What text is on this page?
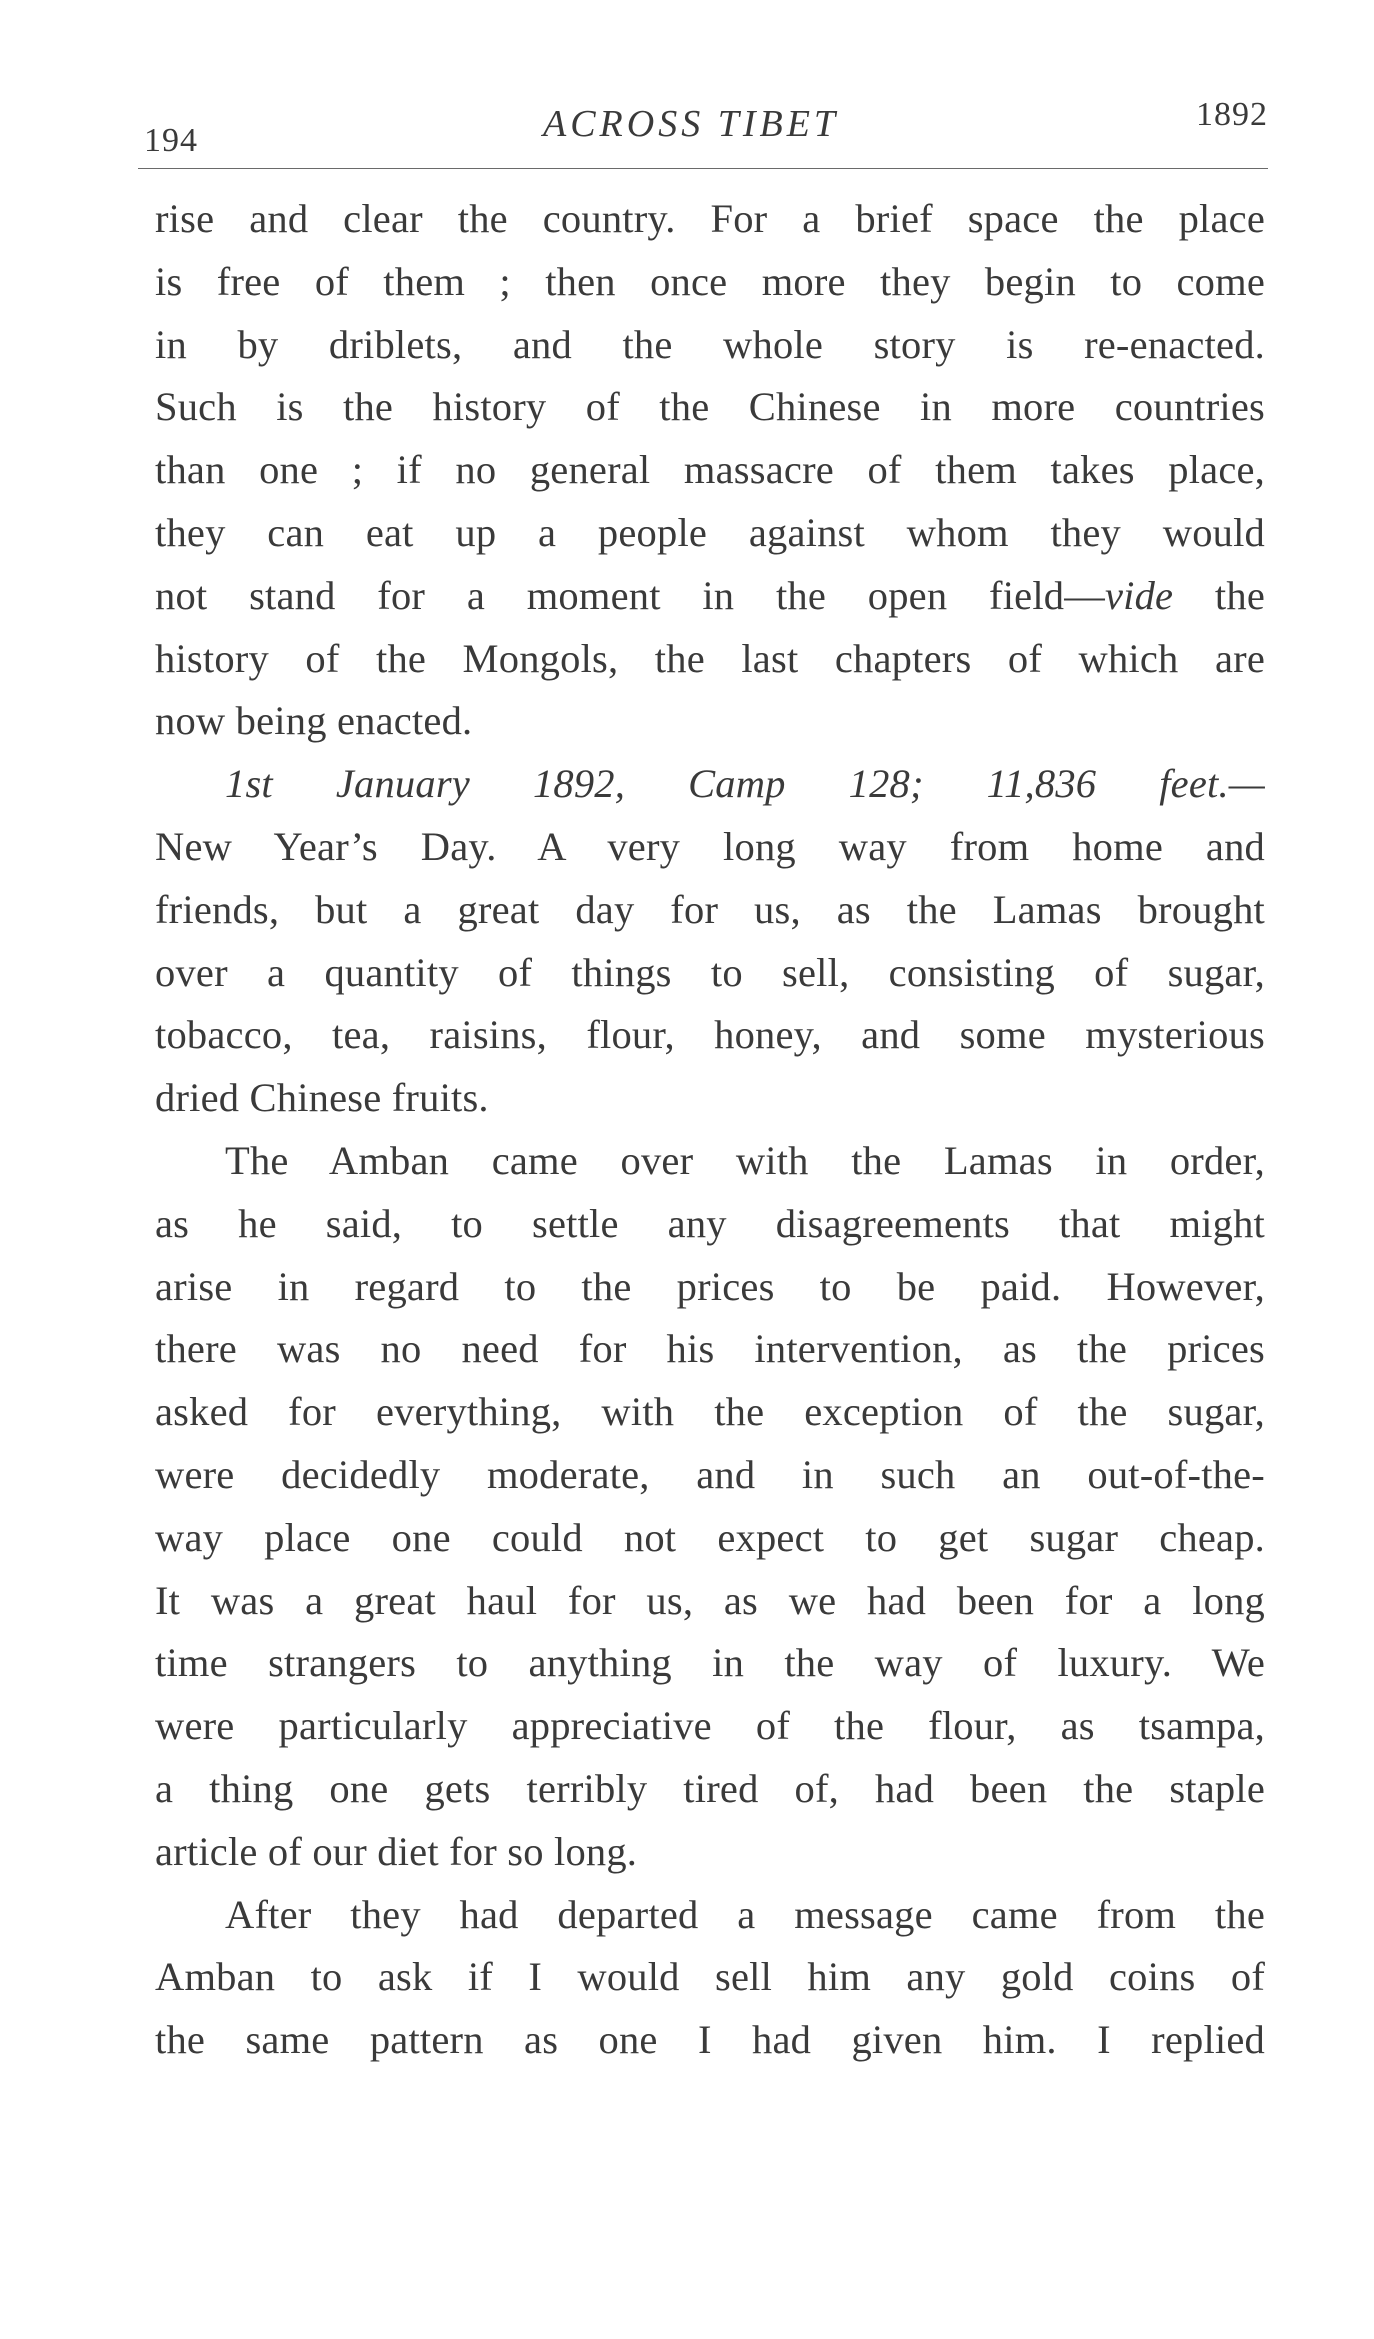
194	ACROSS TIBET	1892
rise and clear the country. For a brief space the place
is free of them ; then once more they begin to come
in by driblets, and the whole story is re-enacted.
Such is the history of the Chinese in more countries
than one ; if no general massacre of them takes place,
they can eat up a people against whom they would
not stand for a moment in the open field—vide the
history of the Mongols, the last chapters of which are
now being enacted.
1st January 1892, Camp 128; 11,836 feet.—
New Year’s Day. A very long way from home and
friends, but a great day for us, as the Lamas brought
over a quantity of things to sell, consisting of sugar,
tobacco, tea, raisins, flour, honey, and some mysterious
dried Chinese fruits.
The Amban came over with the Lamas in order,
as he said, to settle any disagreements that might
arise in regard to the prices to be paid. However,
there was no need for his intervention, as the prices
asked for everything, with the exception of the sugar,
were decidedly moderate, and in such an out-of-the-
way place one could not expect to get sugar cheap.
It was a great haul for us, as we had been for a long
time strangers to anything in the way of luxury. We
were particularly appreciative of the flour, as tsampa,
a thing one gets terribly tired of, had been the staple
article of our diet for so long.
After they had departed a message came from the
Amban to ask if I would sell him any gold coins of
the same pattern as one I had given him. I replied
